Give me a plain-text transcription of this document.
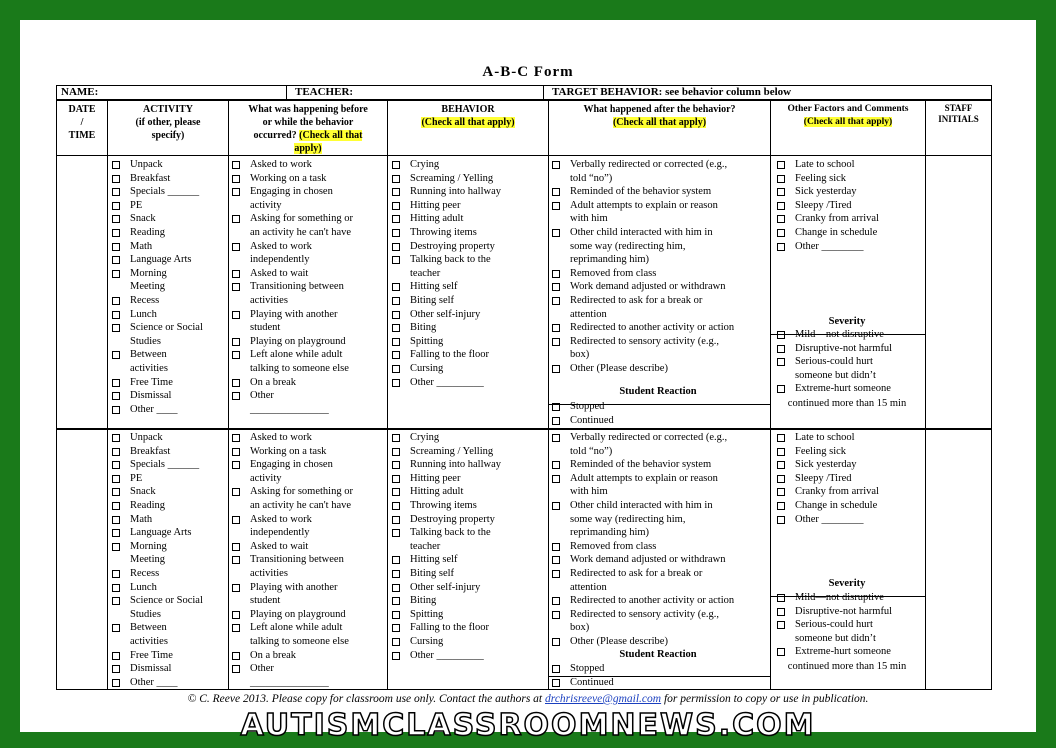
A-B-C Form
NAME:	TEACHER:	TARGET BEHAVIOR: see behavior column below
DATE
/
TIME
ACTIVITY
(if other, please
specify)
What was happening before
or while the behavior
occurred? (Check all that
apply)
BEHAVIOR
(Check all that apply)
What happened after the behavior?
(Check all that apply)
Other Factors and Comments
(Check all that apply)
STAFF
INITIALS
Unpack
Breakfast
Specials ______
PE
Snack
Reading
Math
Language Arts
Morning
Meeting
Recess
Lunch
Science or Social
Studies
Between
activities
Free Time
Dismissal
Other ____
Asked to work
Working on a task
Engaging in chosen
activity
Asking for something or
an activity he can't have
Asked to work
independently
Asked to wait
Transitioning between
activities
Playing with another
student
Playing on playground
Left alone while adult
talking to someone else
On a break
Other
_______________
Crying
Screaming / Yelling
Running into hallway
Hitting peer
Hitting adult
Throwing items
Destroying property
Talking back to the
teacher
Hitting self
Biting self
Other self-injury
Biting
Spitting
Falling to the floor
Cursing
Other _________
Verbally redirected or corrected (e.g.,
told “no”)
Reminded of the behavior system
Adult attempts to explain or reason
with him
Other child interacted with him in
some way (redirecting him,
reprimanding him)
Removed from class
Work demand adjusted or withdrawn
Redirected to ask for a break or
attention
Redirected to another activity or action
Redirected to sensory activity (e.g.,
box)
Other (Please describe)
Student Reaction
Stopped
Continued
Late to school
Feeling sick
Sick yesterday
Sleepy /Tired
Cranky from arrival
Change in schedule
Other ________
Severity
Mild—not disruptive
Disruptive-not harmful
Serious-could hurt
someone but didn’t
Extreme-hurt someone
continued more than 15 min
Unpack
Breakfast
Specials ______
PE
Snack
Reading
Math
Language Arts
Morning
Meeting
Recess
Lunch
Science or Social
Studies
Between
activities
Free Time
Dismissal
Other ____
Asked to work
Working on a task
Engaging in chosen
activity
Asking for something or
an activity he can't have
Asked to work
independently
Asked to wait
Transitioning between
activities
Playing with another
student
Playing on playground
Left alone while adult
talking to someone else
On a break
Other
_______________
Crying
Screaming / Yelling
Running into hallway
Hitting peer
Hitting adult
Throwing items
Destroying property
Talking back to the
teacher
Hitting self
Biting self
Other self-injury
Biting
Spitting
Falling to the floor
Cursing
Other _________
Verbally redirected or corrected (e.g.,
told “no”)
Reminded of the behavior system
Adult attempts to explain or reason
with him
Other child interacted with him in
some way (redirecting him,
reprimanding him)
Removed from class
Work demand adjusted or withdrawn
Redirected to ask for a break or
attention
Redirected to another activity or action
Redirected to sensory activity (e.g.,
box)
Other (Please describe)
Student Reaction
Stopped
Continued
Late to school
Feeling sick
Sick yesterday
Sleepy /Tired
Cranky from arrival
Change in schedule
Other ________
Severity
Mild—not disruptive
Disruptive-not harmful
Serious-could hurt
someone but didn’t
Extreme-hurt someone
continued more than 15 min
© C. Reeve 2013. Please copy for classroom use only. Contact the authors at drchrisreeve@gmail.com for permission to copy or use in publication.
AUTISMCLASSROOMNEWS.COM
